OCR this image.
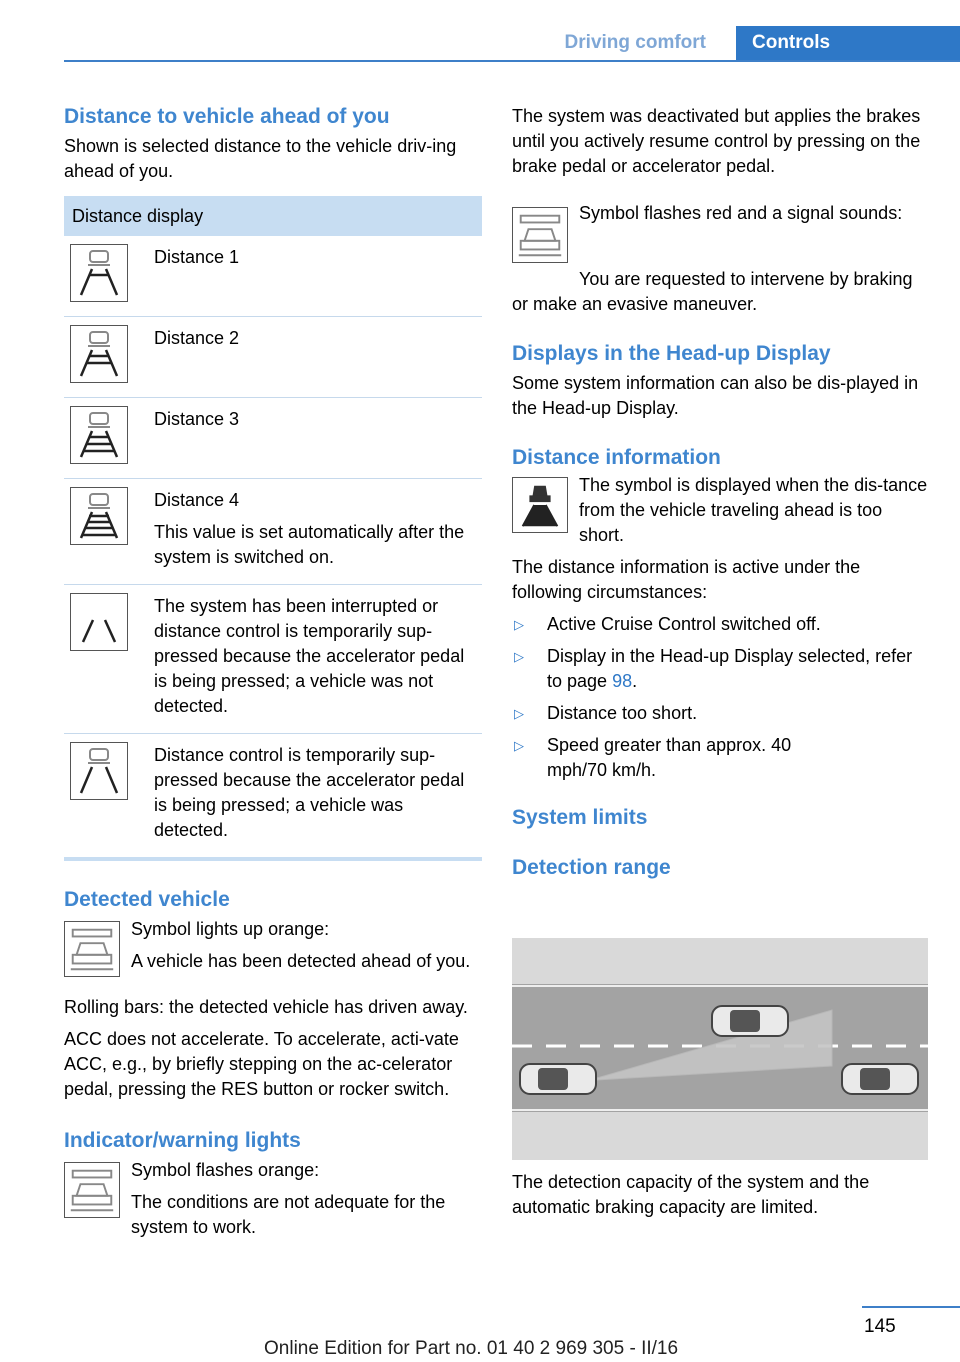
Driving comfort	Controls
Distance to vehicle ahead of you

Shown is selected distance to the vehicle driv‐ing ahead of you.

Distance display
Distance 1
Distance 2
Distance 3
Distance 4
This value is set automatically after the system is switched on.
The system has been interrupted or distance control is temporarily sup‐pressed because the accelerator pedal is being pressed; a vehicle was not detected.
Distance control is temporarily sup‐pressed because the accelerator pedal is being pressed; a vehicle was detected.
Detected vehicle

Symbol lights up orange:

A vehicle has been detected ahead of you.

Rolling bars: the detected vehicle has driven away.

ACC does not accelerate. To accelerate, acti‐vate ACC, e.g., by briefly stepping on the ac‐celerator pedal, pressing the RES button or rocker switch.

Indicator/warning lights

Symbol flashes orange:

The conditions are not adequate for the system to work.

The system was deactivated but applies the brakes until you actively resume control by pressing on the brake pedal or accelerator pedal.

Symbol flashes red and a signal sounds:

You are requested to intervene by braking or make an evasive maneuver.

Displays in the Head-up Display

Some system information can also be dis‐played in the Head-up Display.

Distance information

The symbol is displayed when the dis‐tance from the vehicle traveling ahead is too short.

The distance information is active under the following circumstances:

▷	Active Cruise Control switched off.
▷	Display in the Head-up Display selected, refer to page 98.
▷	Distance too short.
▷	Speed greater than approx. 40 mph/70 km/h.
System limits
Detection range

The detection capacity of the system and the automatic braking capacity are limited.

145
Online Edition for Part no. 01 40 2 969 305 - II/16
